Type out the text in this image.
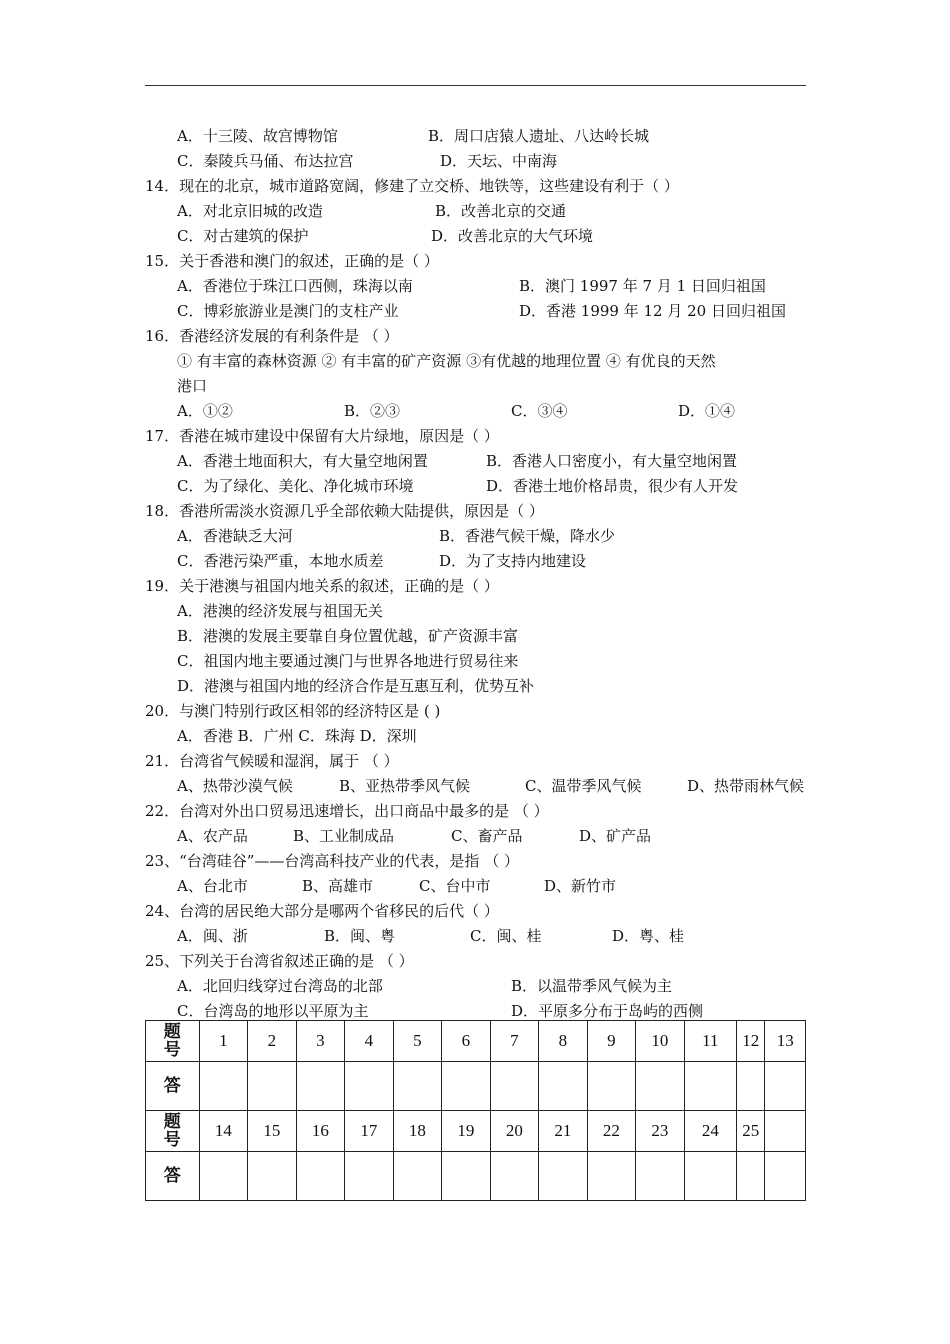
A．十三陵、故宫博物馆	B．周口店猿人遗址、八达岭长城
C．秦陵兵马俑、布达拉宫	D．天坛、中南海
14．现在的北京，城市道路宽阔，修建了立交桥、地铁等，这些建设有利于（ ）
A．对北京旧城的改造	B．改善北京的交通
C．对古建筑的保护	D．改善北京的大气环境
15．关于香港和澳门的叙述，正确的是（ ）
A．香港位于珠江口西侧，珠海以南	B．澳门 1997 年 7 月 1 日回归祖国
C．博彩旅游业是澳门的支柱产业	D．香港 1999 年 12 月 20 日回归祖国
16．香港经济发展的有利条件是 （ ）
① 有丰富的森林资源 ② 有丰富的矿产资源 ③有优越的地理位置 ④ 有优良的天然
港口
A．①②	B．②③	C．③④	D．①④
17．香港在城市建设中保留有大片绿地，原因是（ ）
A．香港土地面积大，有大量空地闲置	B．香港人口密度小，有大量空地闲置
C．为了绿化、美化、净化城市环境	D．香港土地价格昂贵，很少有人开发
18．香港所需淡水资源几乎全部依赖大陆提供，原因是（ ）
A．香港缺乏大河	B．香港气候干燥，降水少
C．香港污染严重，本地水质差	D．为了支持内地建设
19．关于港澳与祖国内地关系的叙述，正确的是（ ）
A．港澳的经济发展与祖国无关
B．港澳的发展主要靠自身位置优越，矿产资源丰富
C．祖国内地主要通过澳门与世界各地进行贸易往来
D．港澳与祖国内地的经济合作是互惠互利，优势互补
20．与澳门特别行政区相邻的经济特区是 ( )
A．香港 B．广州 C．珠海 D．深圳
21．台湾省气候暖和湿润，属于 （ ）
A、热带沙漠气候	B、亚热带季风气候	C、温带季风气候	D、热带雨林气候
22．台湾对外出口贸易迅速增长，出口商品中最多的是 （ ）
A、农产品	B、工业制成品	C、畜产品	D、矿产品
23、“台湾硅谷”——台湾高科技产业的代表，是指 （ ）
A、台北市	B、高雄市	C、台中市	D、新竹市
24、台湾的居民绝大部分是哪两个省移民的后代（ ）
A．闽、浙	B．闽、粤	C．闽、桂	D．粤、桂
25、下列关于台湾省叙述正确的是 （ ）
A．北回归线穿过台湾岛的北部	B．以温带季风气候为主
C．台湾岛的地形以平原为主	D．平原多分布于岛屿的西侧
题
号	1	2	3	4	5	6	7	8	9	10	11	12	13
答													
题
号	14	15	16	17	18	19	20	21	22	23	24	25	
答													
